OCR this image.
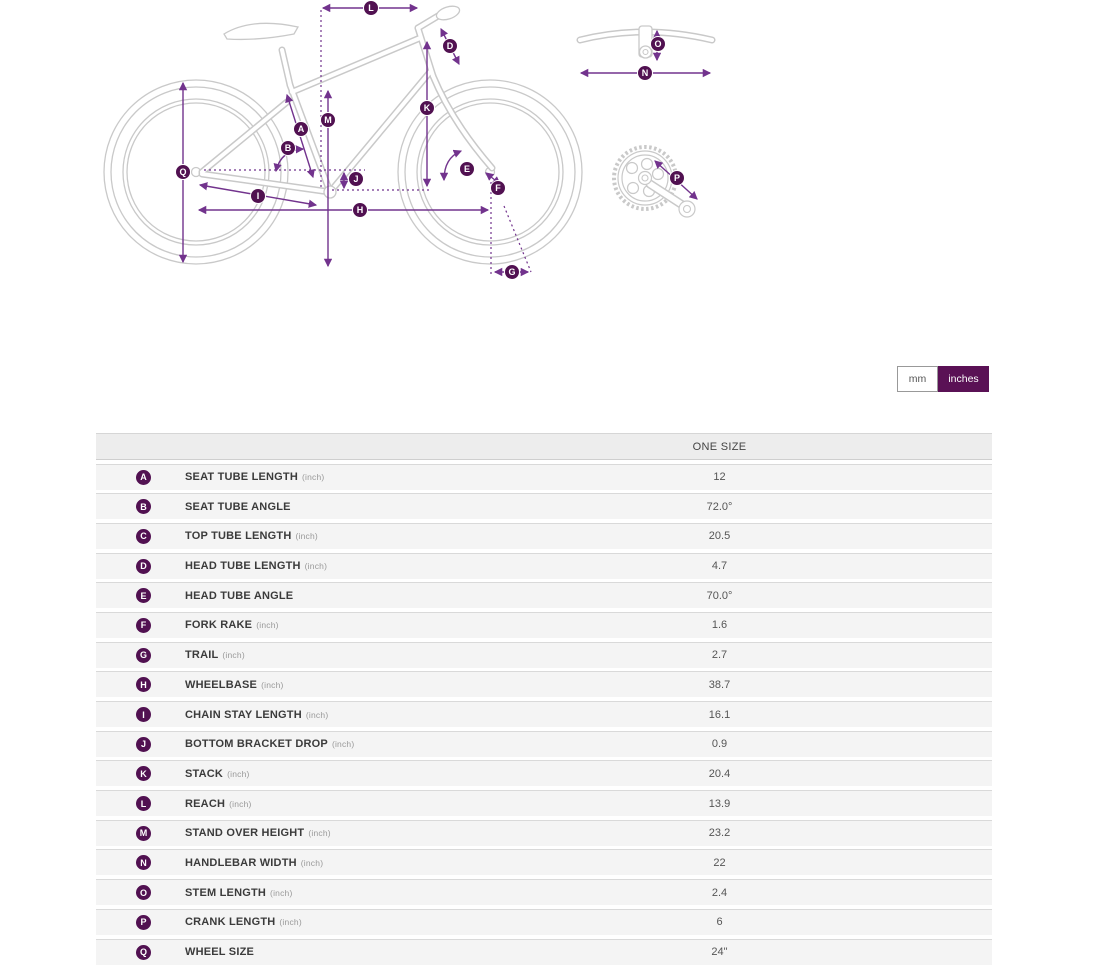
A
B
D
E
F
G
H
I
J
K
L
M
N
O
P
Q
mm	inches
ONE SIZE
A	SEAT TUBE LENGTH (inch)	12
B	SEAT TUBE ANGLE	72.0°
C	TOP TUBE LENGTH (inch)	20.5
D	HEAD TUBE LENGTH (inch)	4.7
E	HEAD TUBE ANGLE	70.0°
F	FORK RAKE (inch)	1.6
G	TRAIL (inch)	2.7
H	WHEELBASE (inch)	38.7
I	CHAIN STAY LENGTH (inch)	16.1
J	BOTTOM BRACKET DROP (inch)	0.9
K	STACK (inch)	20.4
L	REACH (inch)	13.9
M	STAND OVER HEIGHT (inch)	23.2
N	HANDLEBAR WIDTH (inch)	22
O	STEM LENGTH (inch)	2.4
P	CRANK LENGTH (inch)	6
Q	WHEEL SIZE	24"
